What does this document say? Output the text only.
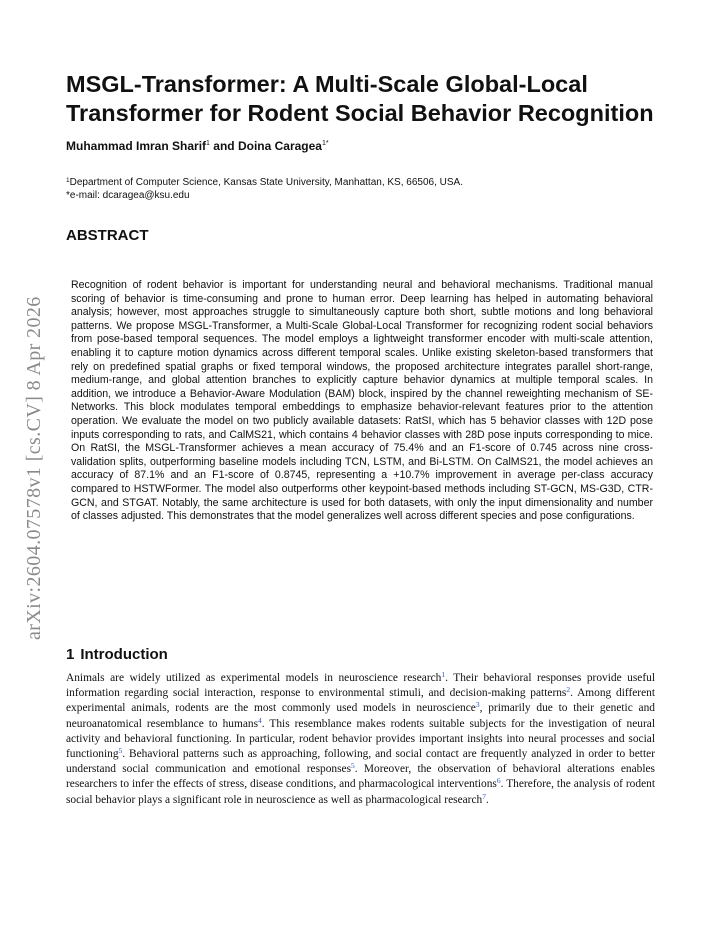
arXiv:2604.07578v1 [cs.CV] 8 Apr 2026
MSGL-Transformer: A Multi-Scale Global-Local
Transformer for Rodent Social Behavior Recognition
Muhammad Imran Sharif$^1$ and Doina Caragea$^{1*}$
$^1$Department of Computer Science, Kansas State University, Manhattan, KS, 66506, USA.
*e-mail: dcaragea@ksu.edu
ABSTRACT

Recognition of rodent behavior is important for understanding neural and behavioral mechanisms. Traditional manual scoring of behavior is time-consuming and prone to human error. Deep learning has helped in automating behavioral analysis; however, most approaches struggle to simultaneously capture both short, subtle motions and long behavioral patterns. We propose MSGL-Transformer, a Multi-Scale Global-Local Transformer for recognizing rodent social behaviors from pose-based temporal sequences. The model employs a lightweight transformer encoder with multi-scale attention, enabling it to capture motion dynamics across different temporal scales. Unlike existing skeleton-based transformers that rely on predefined spatial graphs or fixed temporal windows, the proposed architecture integrates parallel short-range, medium-range, and global attention branches to explicitly capture behavior dynamics at multiple temporal scales. In addition, we introduce a Behavior-Aware Modulation (BAM) block, inspired by the channel reweighting mechanism of SE-Networks. This block modulates temporal embeddings to emphasize behavior-relevant features prior to the attention operation. We evaluate the model on two publicly available datasets: RatSI, which has 5 behavior classes with 12D pose inputs corresponding to rats, and CalMS21, which contains 4 behavior classes with 28D pose inputs corresponding to mice. On RatSI, the MSGL-Transformer achieves a mean accuracy of 75.4% and an F1-score of 0.745 across nine cross-validation splits, outperforming baseline models including TCN, LSTM, and Bi-LSTM. On CalMS21, the model achieves an accuracy of 87.1% and an F1-score of 0.8745, representing a +10.7% improvement in average per-class accuracy compared to HSTWFormer. The model also outperforms other keypoint-based methods including ST-GCN, MS-G3D, CTR-GCN, and STGAT. Notably, the same architecture is used for both datasets, with only the input dimensionality and number of classes adjusted. This demonstrates that the model generalizes well across different species and pose configurations.

1 Introduction

Animals are widely utilized as experimental models in neuroscience research$^1$. Their behavioral responses provide useful information regarding social interaction, response to environmental stimuli, and decision-making patterns$^2$. Among different experimental animals, rodents are the most commonly used models in neuroscience$^3$, primarily due to their genetic and neuroanatomical resemblance to humans$^4$. This resemblance makes rodents suitable subjects for the investigation of neural activity and behavioral functioning. In particular, rodent behavior provides important insights into neural processes and social functioning$^5$. Behavioral patterns such as approaching, following, and social contact are frequently analyzed in order to better understand social communication and emotional responses$^5$. Moreover, the observation of behavioral alterations enables researchers to infer the effects of stress, disease conditions, and pharmacological interventions$^6$. Therefore, the analysis of rodent social behavior plays a significant role in neuroscience as well as pharmacological research$^7$.
